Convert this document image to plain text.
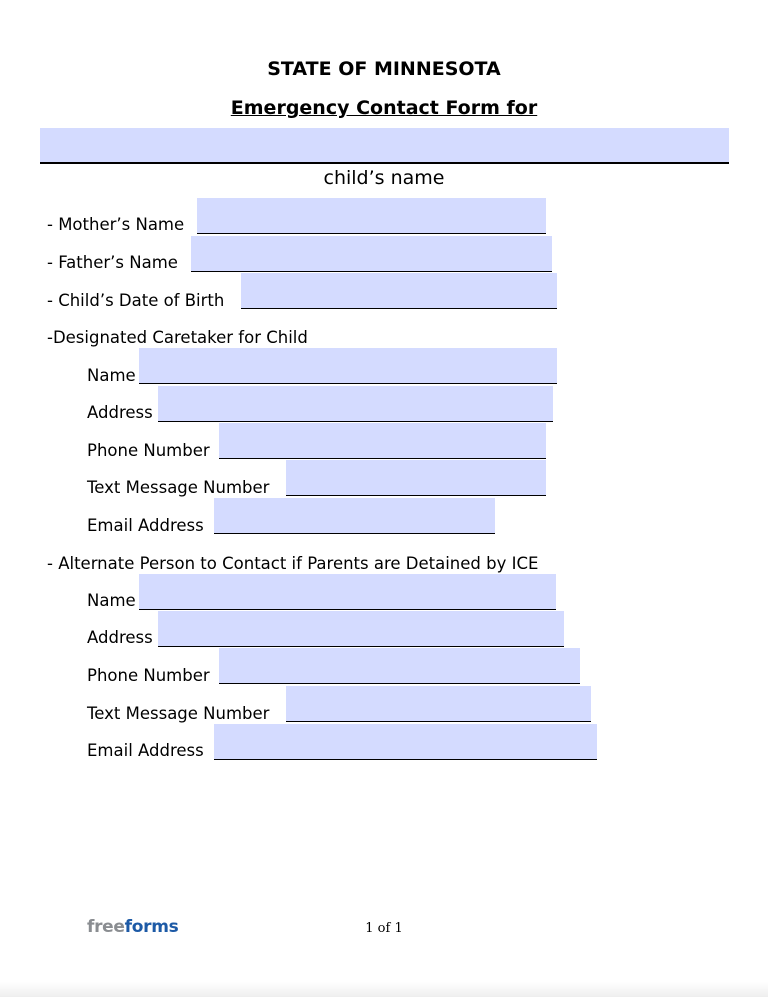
STATE OF MINNESOTA
Emergency Contact Form for
child’s name
- Mother’s Name
- Father’s Name
- Child’s Date of Birth
-Designated Caretaker for Child
Name
Address
Phone Number
Text Message Number
Email Address
- Alternate Person to Contact if Parents are Detained by ICE
Name
Address
Phone Number
Text Message Number
Email Address
freeforms	1 of 1
